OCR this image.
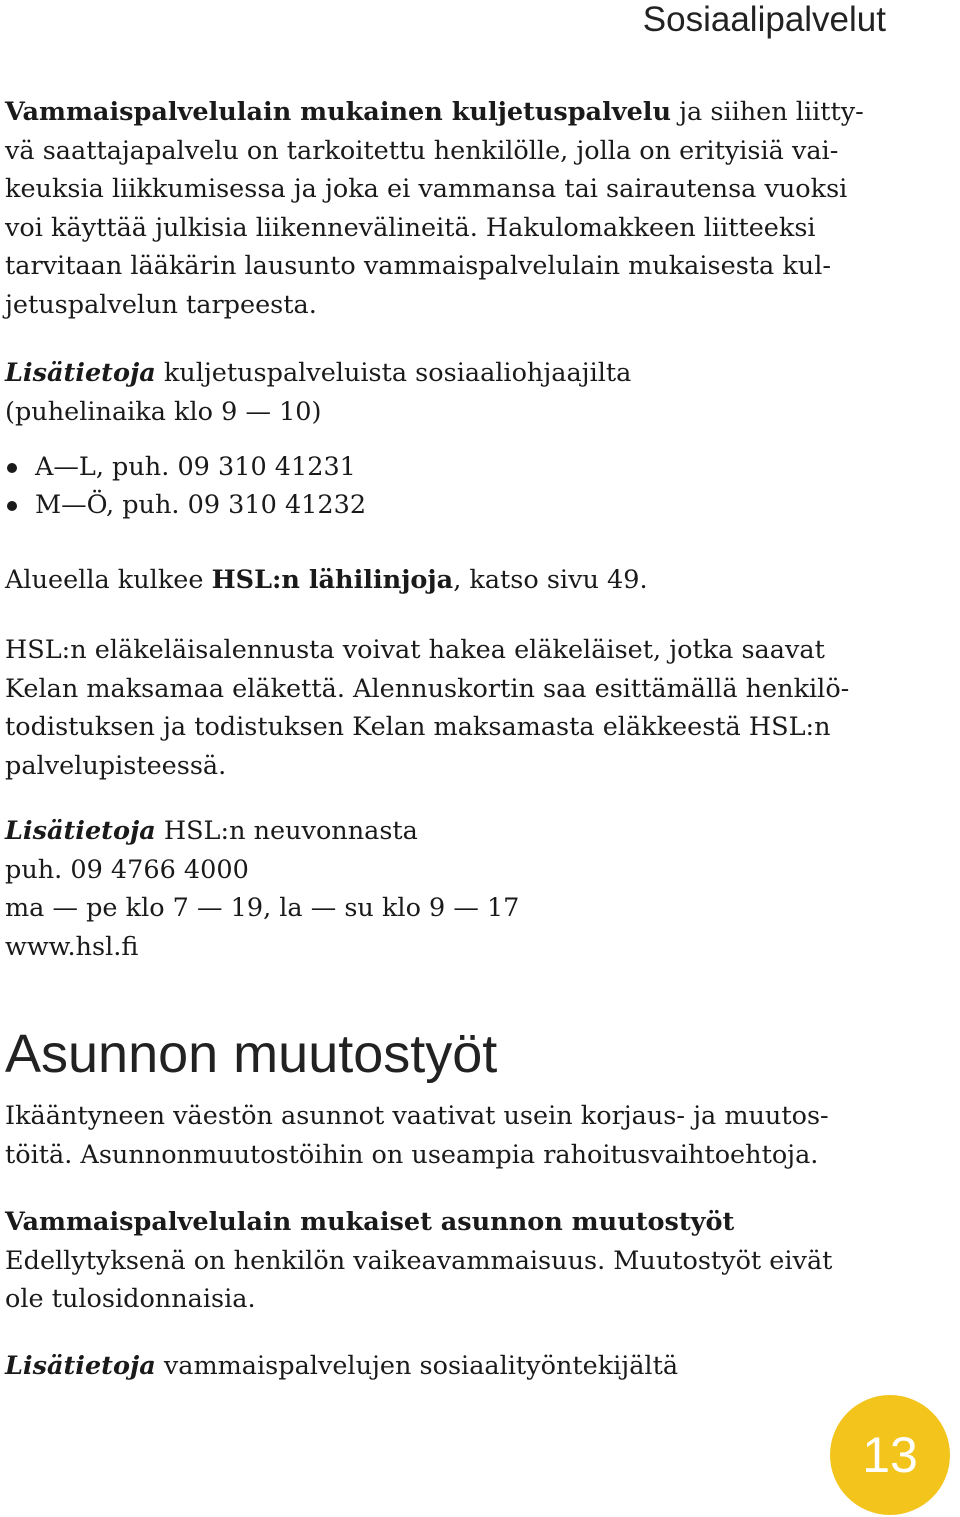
Sosiaalipalvelut

Vammaispalvelulain mukainen kuljetuspalvelu ja siihen liitty-
vä saattajapalvelu on tarkoitettu henkilölle, jolla on erityisiä vai-
keuksia liikkumisessa ja joka ei vammansa tai sairautensa vuoksi
voi käyttää julkisia liikennevälineitä. Hakulomakkeen liitteeksi
tarvitaan lääkärin lausunto vammaispalvelulain mukaisesta kul-
jetuspalvelun tarpeesta.

Lisätietoja kuljetuspalveluista sosiaaliohjaajilta
(puhelinaika klo 9 — 10)

A—L, puh. 09 310 41231
M—Ö, puh. 09 310 41232

Alueella kulkee HSL:n lähilinjoja, katso sivu 49.

HSL:n eläkeläisalennusta voivat hakea eläkeläiset, jotka saavat
Kelan maksamaa eläkettä. Alennuskortin saa esittämällä henkilö-
todistuksen ja todistuksen Kelan maksamasta eläkkeestä HSL:n
palvelupisteessä.

Lisätietoja HSL:n neuvonnasta
puh. 09 4766 4000
ma — pe klo 7 — 19, la — su klo 9 — 17
www.hsl.fi

Asunnon muutostyöt

Ikääntyneen väestön asunnot vaativat usein korjaus- ja muutos-
töitä. Asunnonmuutostöihin on useampia rahoitusvaihtoehtoja.

Vammaispalvelulain mukaiset asunnon muutostyöt
Edellytyksenä on henkilön vaikeavammaisuus. Muutostyöt eivät
ole tulosidonnaisia.

Lisätietoja vammaispalvelujen sosiaalityöntekijältä

13
